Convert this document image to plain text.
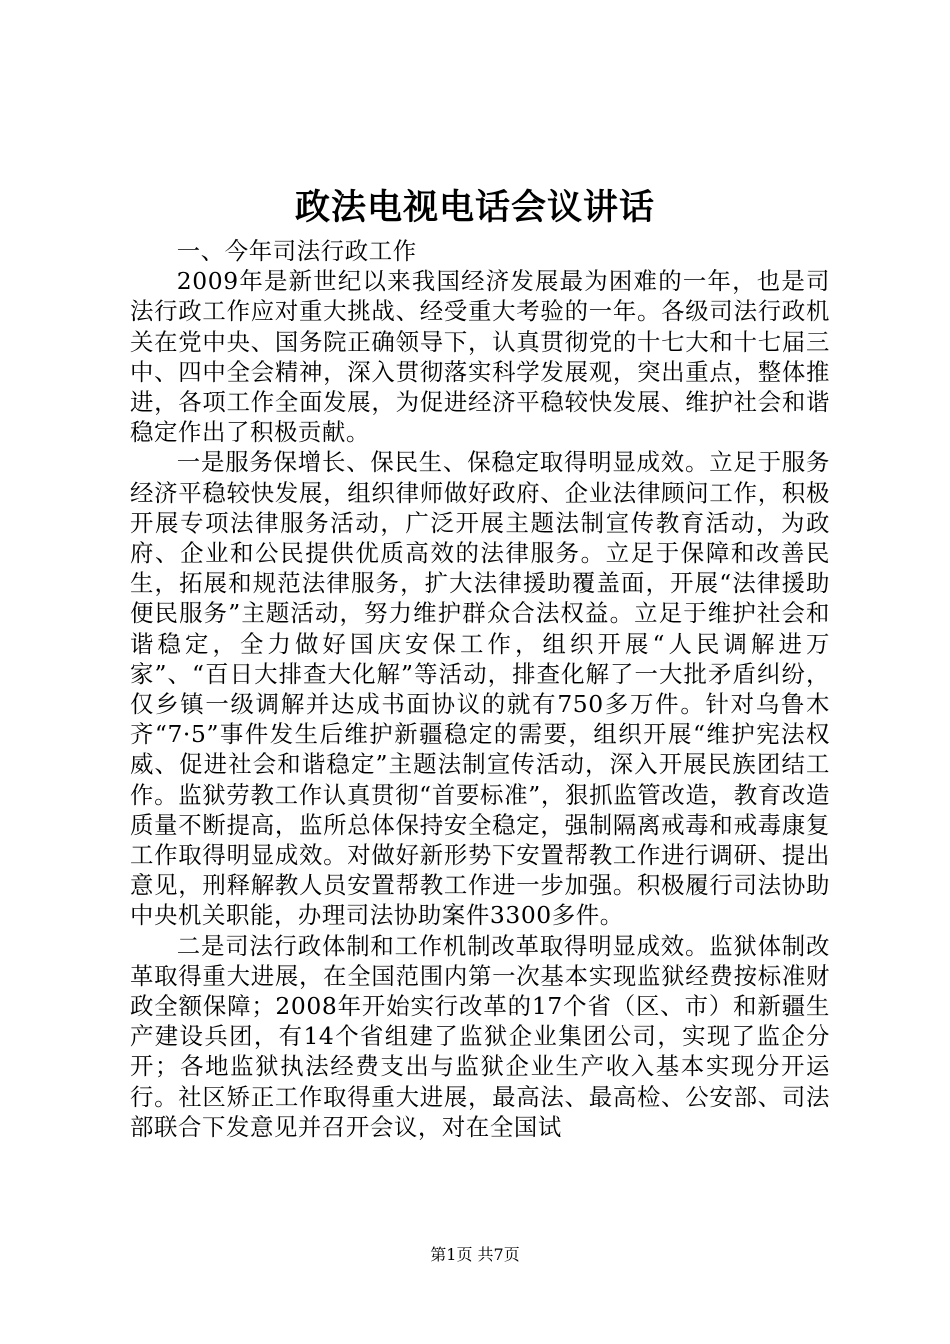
政法电视电话会议讲话

一、今年司法行政工作

2009年是新世纪以来我国经济发展最为困难的一年，也是司法行政工作应对重大挑战、经受重大考验的一年。各级司法行政机关在党中央、国务院正确领导下，认真贯彻党的十七大和十七届三中、四中全会精神，深入贯彻落实科学发展观，突出重点，整体推进，各项工作全面发展，为促进经济平稳较快发展、维护社会和谐稳定作出了积极贡献。

一是服务保增长、保民生、保稳定取得明显成效。立足于服务经济平稳较快发展，组织律师做好政府、企业法律顾问工作，积极开展专项法律服务活动，广泛开展主题法制宣传教育活动，为政府、企业和公民提供优质高效的法律服务。立足于保障和改善民生，拓展和规范法律服务，扩大法律援助覆盖面，开展“法律援助便民服务”主题活动，努力维护群众合法权益。立足于维护社会和谐稳定，全力做好国庆安保工作，组织开展“人民调解进万家”、“百日大排查大化解”等活动，排查化解了一大批矛盾纠纷，仅乡镇一级调解并达成书面协议的就有750多万件。针对乌鲁木齐“7·5”事件发生后维护新疆稳定的需要，组织开展“维护宪法权威、促进社会和谐稳定”主题法制宣传活动，深入开展民族团结工作。监狱劳教工作认真贯彻“首要标准”，狠抓监管改造，教育改造质量不断提高，监所总体保持安全稳定，强制隔离戒毒和戒毒康复工作取得明显成效。对做好新形势下安置帮教工作进行调研、提出意见，刑释解教人员安置帮教工作进一步加强。积极履行司法协助中央机关职能，办理司法协助案件3300多件。

二是司法行政体制和工作机制改革取得明显成效。监狱体制改革取得重大进展，在全国范围内第一次基本实现监狱经费按标准财政全额保障；2008年开始实行改革的17个省（区、市）和新疆生产建设兵团，有14个省组建了监狱企业集团公司，实现了监企分开；各地监狱执法经费支出与监狱企业生产收入基本实现分开运行。社区矫正工作取得重大进展，最高法、最高检、公安部、司法部联合下发意见并召开会议，对在全国试

第1页 共7页
